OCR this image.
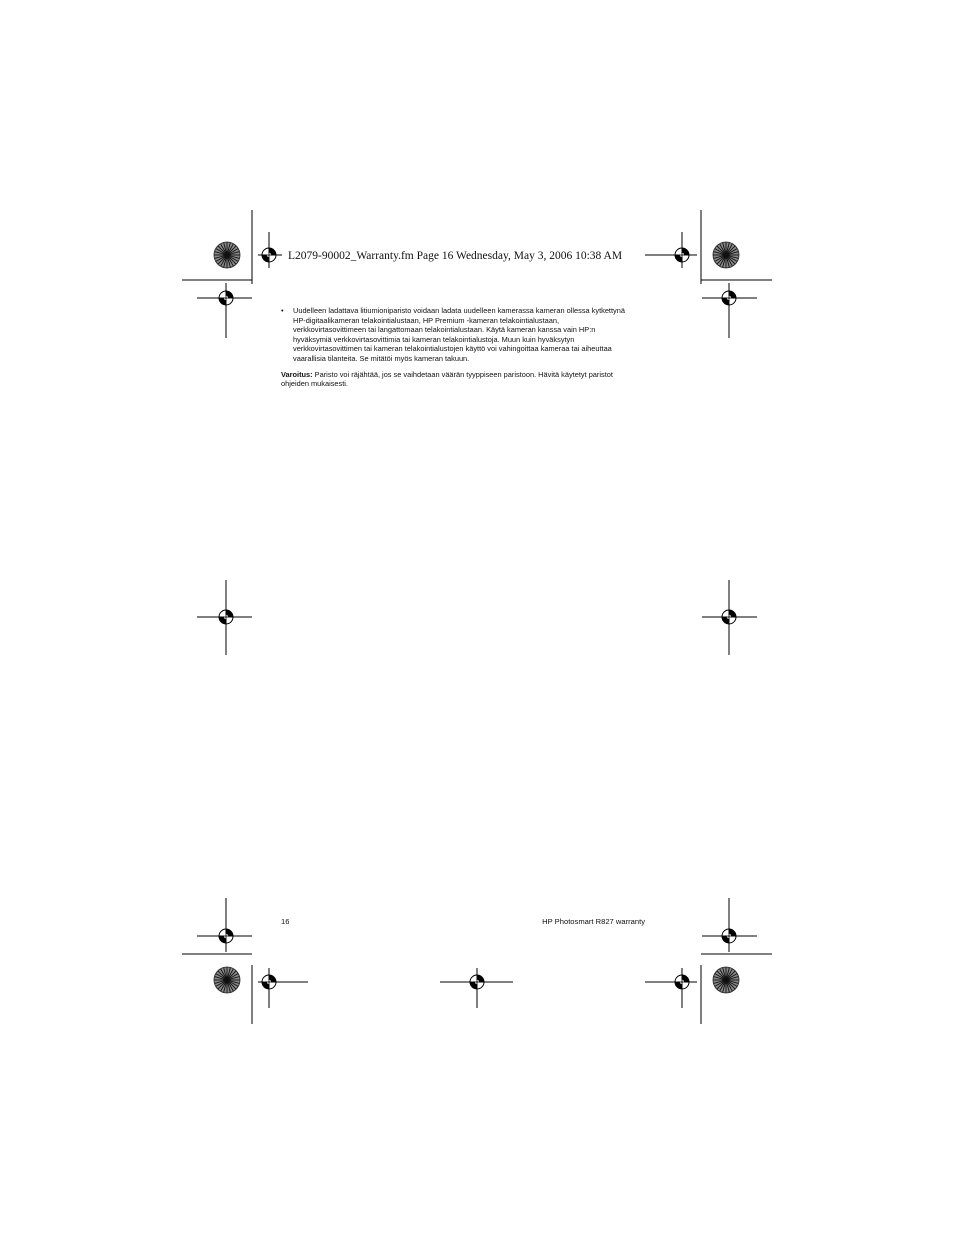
L2079-90002_Warranty.fm Page 16 Wednesday, May 3, 2006 10:38 AM
• Uudelleen ladattava litiumioniparisto voidaan ladata uudelleen kamerassa kameran ollessa kytkettynä
HP-digitaalikameran telakointialustaan, HP Premium -kameran telakointialustaan,
verkkovirtasovittimeen tai langattomaan telakointialustaan. Käytä kameran kanssa vain HP:n
hyväksymiä verkkovirtasovittimia tai kameran telakointialustoja. Muun kuin hyväksytyn
verkkovirtasovittimen tai kameran telakointialustojen käyttö voi vahingoittaa kameraa tai aiheuttaa
vaarallisia tilanteita. Se mitätöi myös kameran takuun.
Varoitus: Paristo voi räjähtää, jos se vaihdetaan väärän tyyppiseen paristoon. Hävitä käytetyt paristot
ohjeiden mukaisesti.
16	HP Photosmart R827 warranty
